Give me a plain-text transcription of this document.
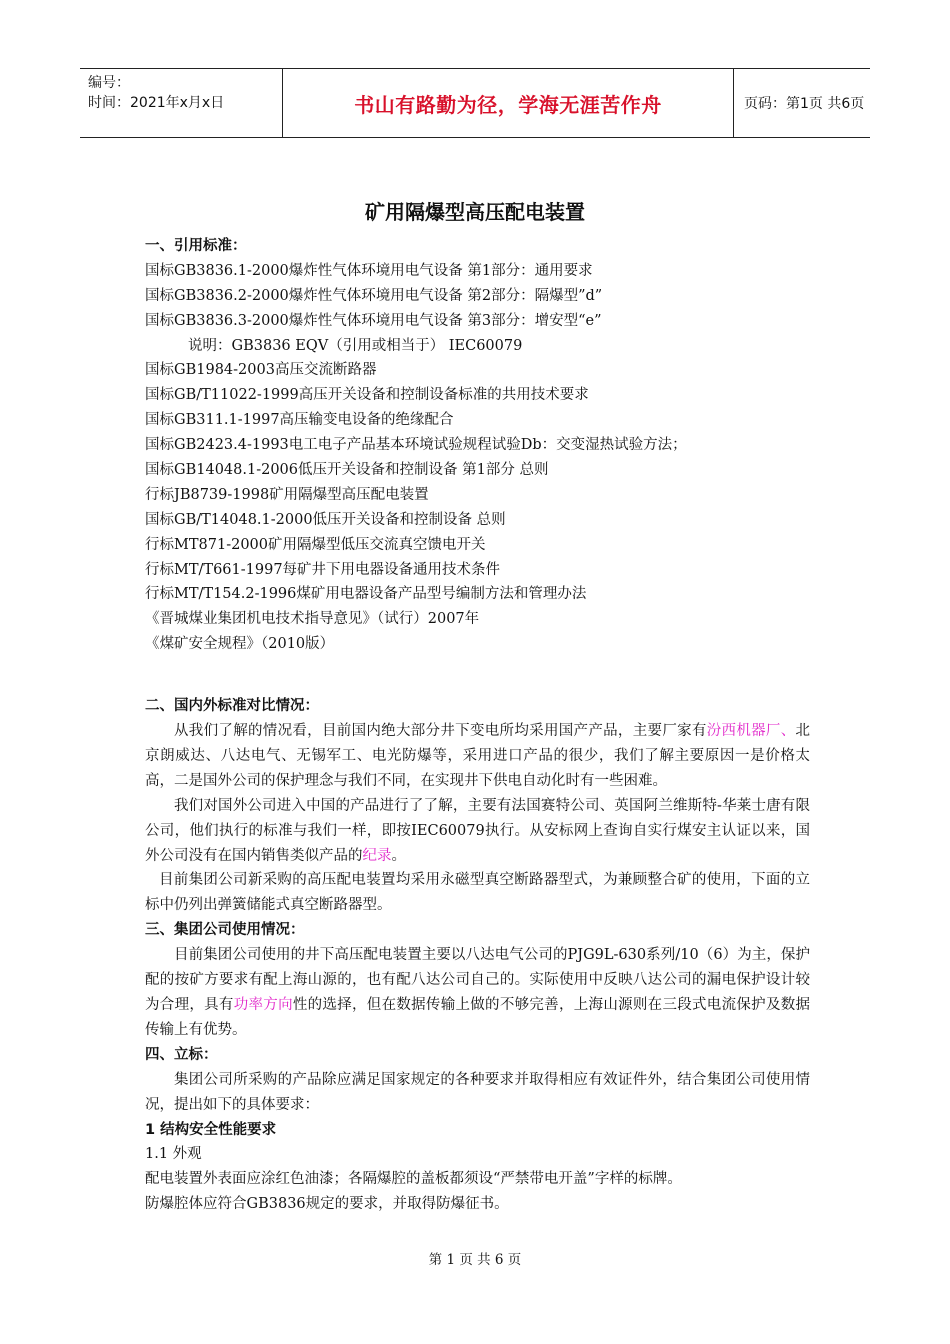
编号：
时间：2021年x月x日	书山有路勤为径，学海无涯苦作舟	页码：第1页 共6页
矿用隔爆型高压配电装置
一、引用标准：
国标GB3836.1-2000爆炸性气体环境用电气设备 第1部分：通用要求
国标GB3836.2-2000爆炸性气体环境用电气设备 第2部分：隔爆型”d”
国标GB3836.3-2000爆炸性气体环境用电气设备 第3部分：增安型“e”
说明：GB3836 EQV（引用或相当于） IEC60079
国标GB1984-2003高压交流断路器
国标GB/T11022-1999高压开关设备和控制设备标准的共用技术要求
国标GB311.1-1997高压输变电设备的绝缘配合
国标GB2423.4-1993电工电子产品基本环境试验规程试验Db：交变湿热试验方法；
国标GB14048.1-2006低压开关设备和控制设备 第1部分 总则
行标JB8739-1998矿用隔爆型高压配电装置
国标GB/T14048.1-2000低压开关设备和控制设备 总则
行标MT871-2000矿用隔爆型低压交流真空馈电开关
行标MT/T661-1997每矿井下用电器设备通用技术条件
行标MT/T154.2-1996煤矿用电器设备产品型号编制方法和管理办法
《晋城煤业集团机电技术指导意见》（试行）2007年
《煤矿安全规程》（2010版）
二、国内外标准对比情况：

从我们了解的情况看，目前国内绝大部分井下变电所均采用国产产品，主要厂家有汾西机器厂、北京朗威达、八达电气、无锡军工、电光防爆等，采用进口产品的很少，我们了解主要原因一是价格太高，二是国外公司的保护理念与我们不同，在实现井下供电自动化时有一些困难。

我们对国外公司进入中国的产品进行了了解，主要有法国赛特公司、英国阿兰维斯特-华莱士唐有限公司，他们执行的标准与我们一样，即按IEC60079执行。从安标网上查询自实行煤安主认证以来，国外公司没有在国内销售类似产品的纪录。

目前集团公司新采购的高压配电装置均采用永磁型真空断路器型式，为兼顾整合矿的使用，下面的立标中仍列出弹簧储能式真空断路器型。

三、集团公司使用情况：

目前集团公司使用的井下高压配电装置主要以八达电气公司的PJG9L-630系列/10（6）为主，保护配的按矿方要求有配上海山源的，也有配八达公司自己的。实际使用中反映八达公司的漏电保护设计较为合理，具有功率方向性的选择，但在数据传输上做的不够完善，上海山源则在三段式电流保护及数据传输上有优势。

四、立标：

集团公司所采购的产品除应满足国家规定的各种要求并取得相应有效证件外，结合集团公司使用情况，提出如下的具体要求：

1 结构安全性能要求
1.1 外观
配电装置外表面应涂红色油漆；各隔爆腔的盖板都须设“严禁带电开盖”字样的标牌。
防爆腔体应符合GB3836规定的要求，并取得防爆征书。
第 1 页 共 6 页
